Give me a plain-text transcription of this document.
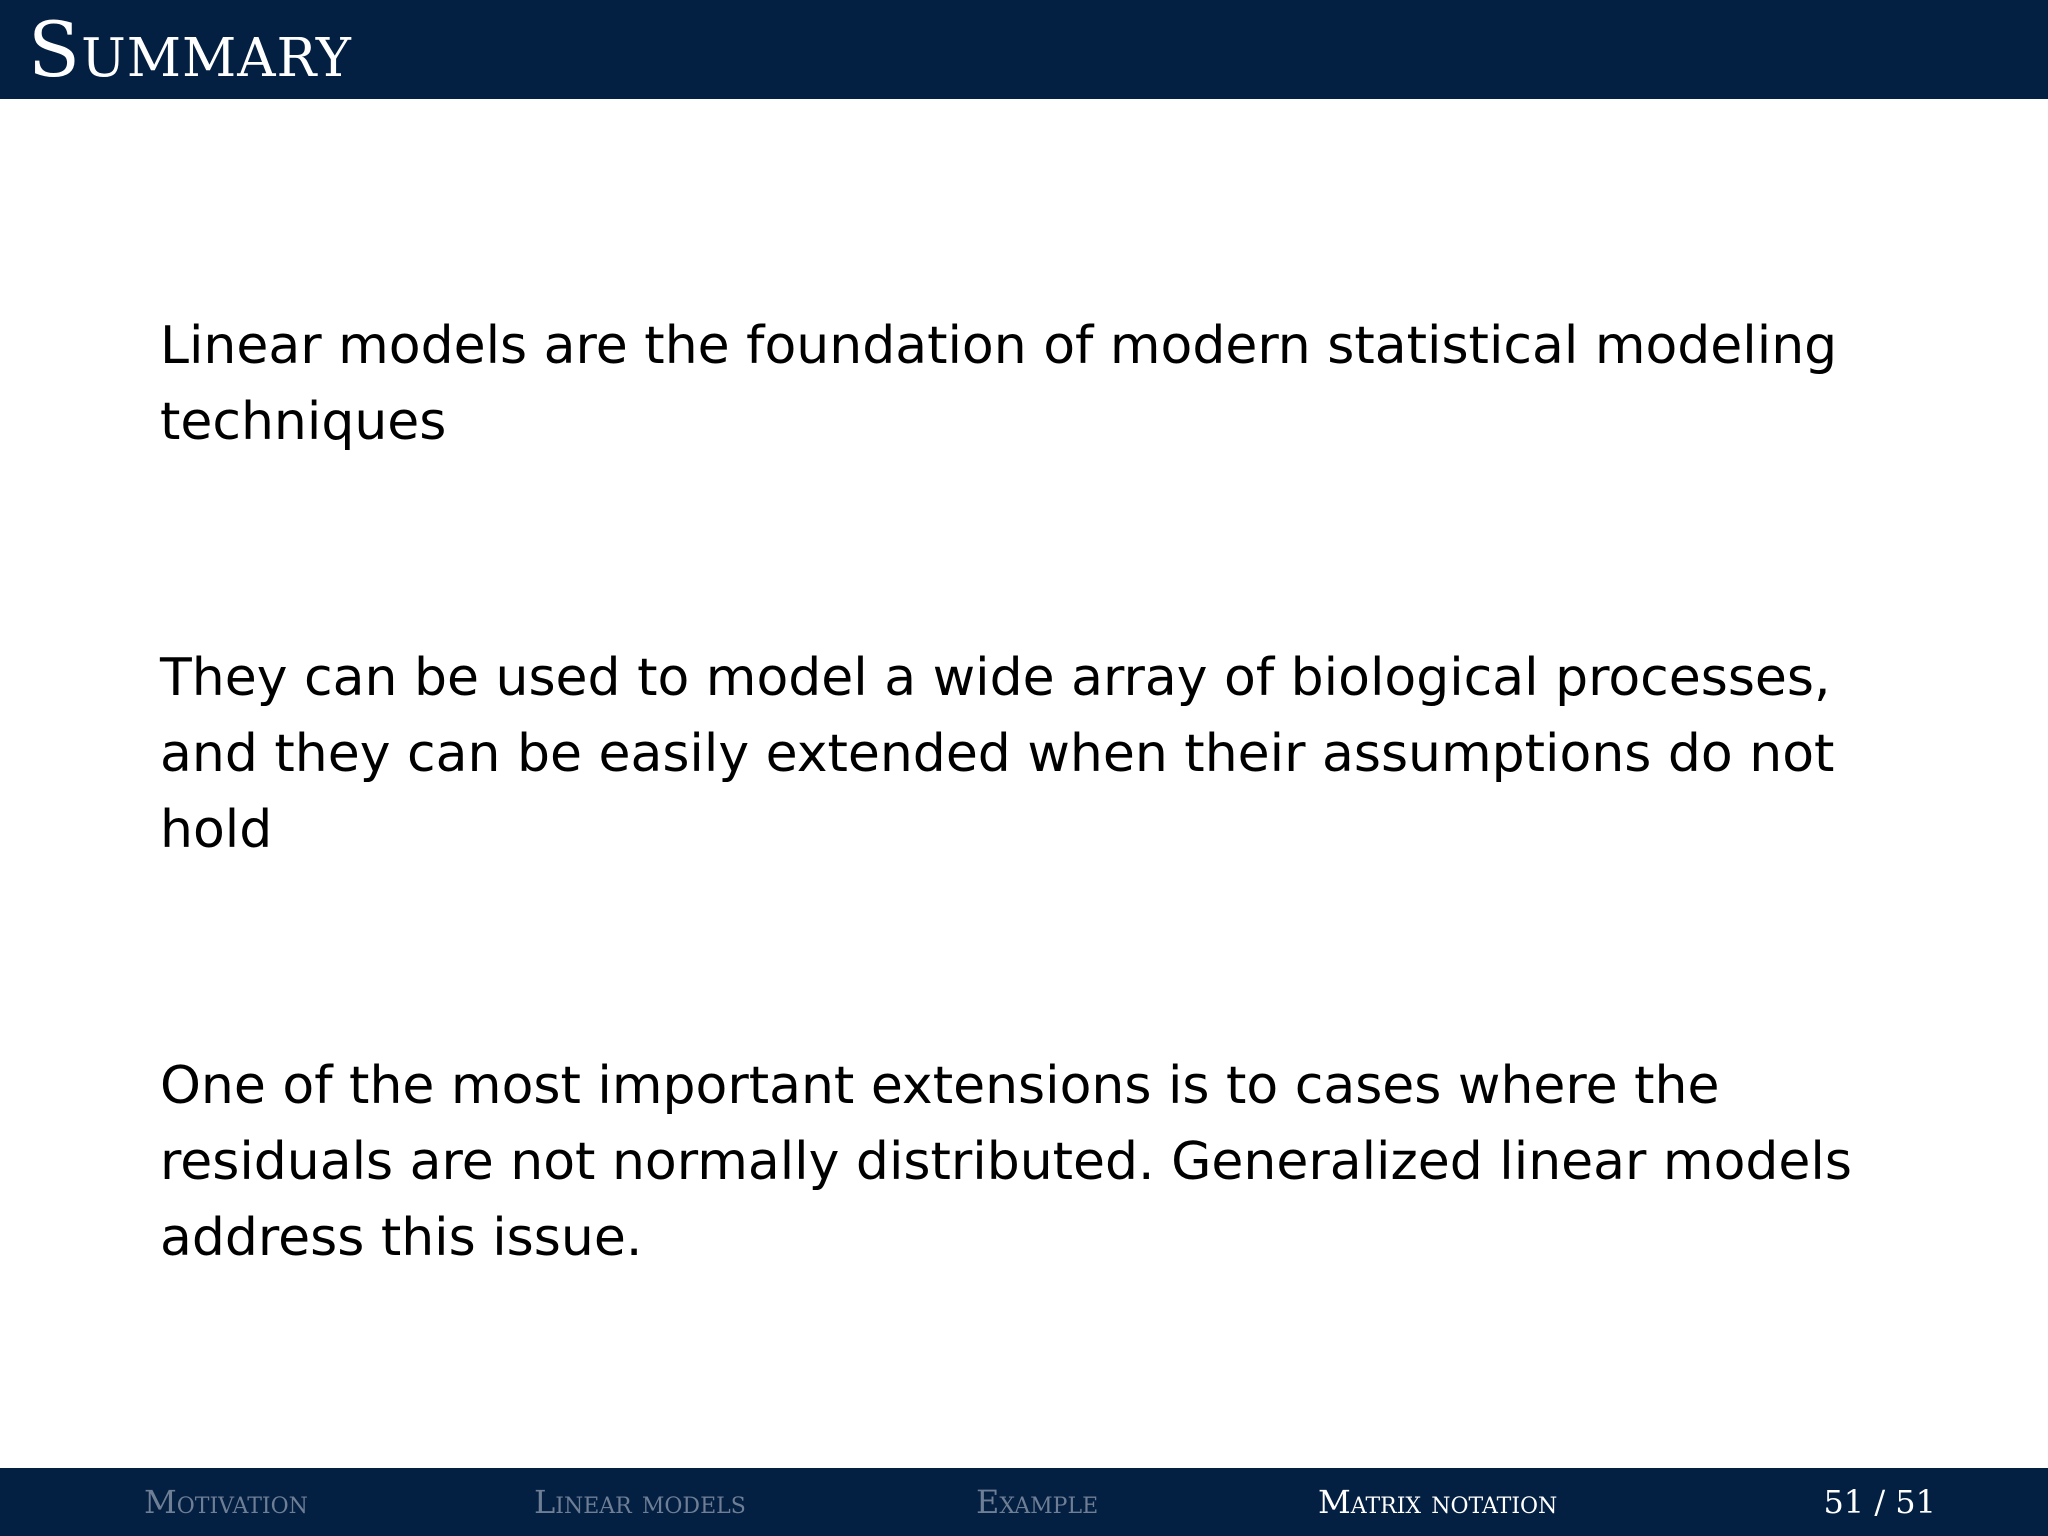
Summary

Linear models are the foundation of modern statistical modeling techniques

They can be used to model a wide array of biological processes, and they can be easily extended when their assumptions do not hold

One of the most important extensions is to cases where the residuals are not normally distributed. Generalized linear models address this issue.

Motivation	Linear models	Example	Matrix notation	51 / 51
